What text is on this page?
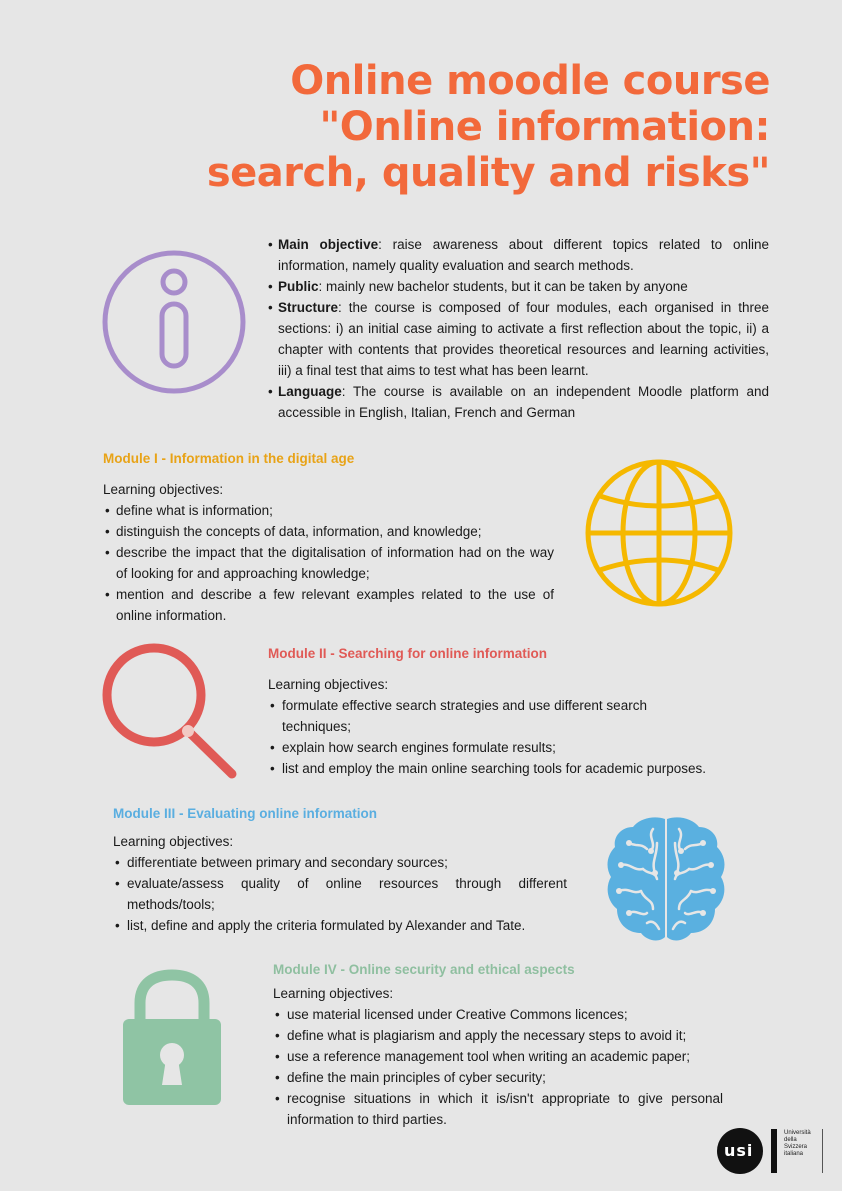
Online moodle course
"Online information:
search, quality and risks"
• Main objective: raise awareness about different topics related to online information, namely quality evaluation and search methods.
• Public: mainly new bachelor students, but it can be taken by anyone
• Structure: the course is composed of four modules, each organised in three sections: i) an initial case aiming to activate a first reflection about the topic, ii) a chapter with contents that provides theoretical resources and learning activities, iii) a final test that aims to test what has been learnt.
• Language: The course is available on an independent Moodle platform and accessible in English, Italian, French and German
Module I - Information in the digital age
Learning objectives:
• define what is information;
• distinguish the concepts of data, information, and knowledge;
• describe the impact that the digitalisation of information had on the way of looking for and approaching knowledge;
• mention and describe a few relevant examples related to the use of online information.
Module II - Searching for online information
Learning objectives:
• formulate effective search strategies and use different search techniques;
• explain how search engines formulate results;
• list and employ the main online searching tools for academic purposes.
Module III - Evaluating online information
Learning objectives:
• differentiate between primary and secondary sources;
• evaluate/assess quality of online resources through different methods/tools;
• list, define and apply the criteria formulated by Alexander and Tate.
Module IV - Online security and ethical aspects
Learning objectives:
• use material licensed under Creative Commons licences;
• define what is plagiarism and apply the necessary steps to avoid it;
• use a reference management tool when writing an academic paper;
• define the main principles of cyber security;
• recognise situations in which it is/isn't appropriate to give personal information to third parties.
usi
Università
della
Svizzera
italiana
